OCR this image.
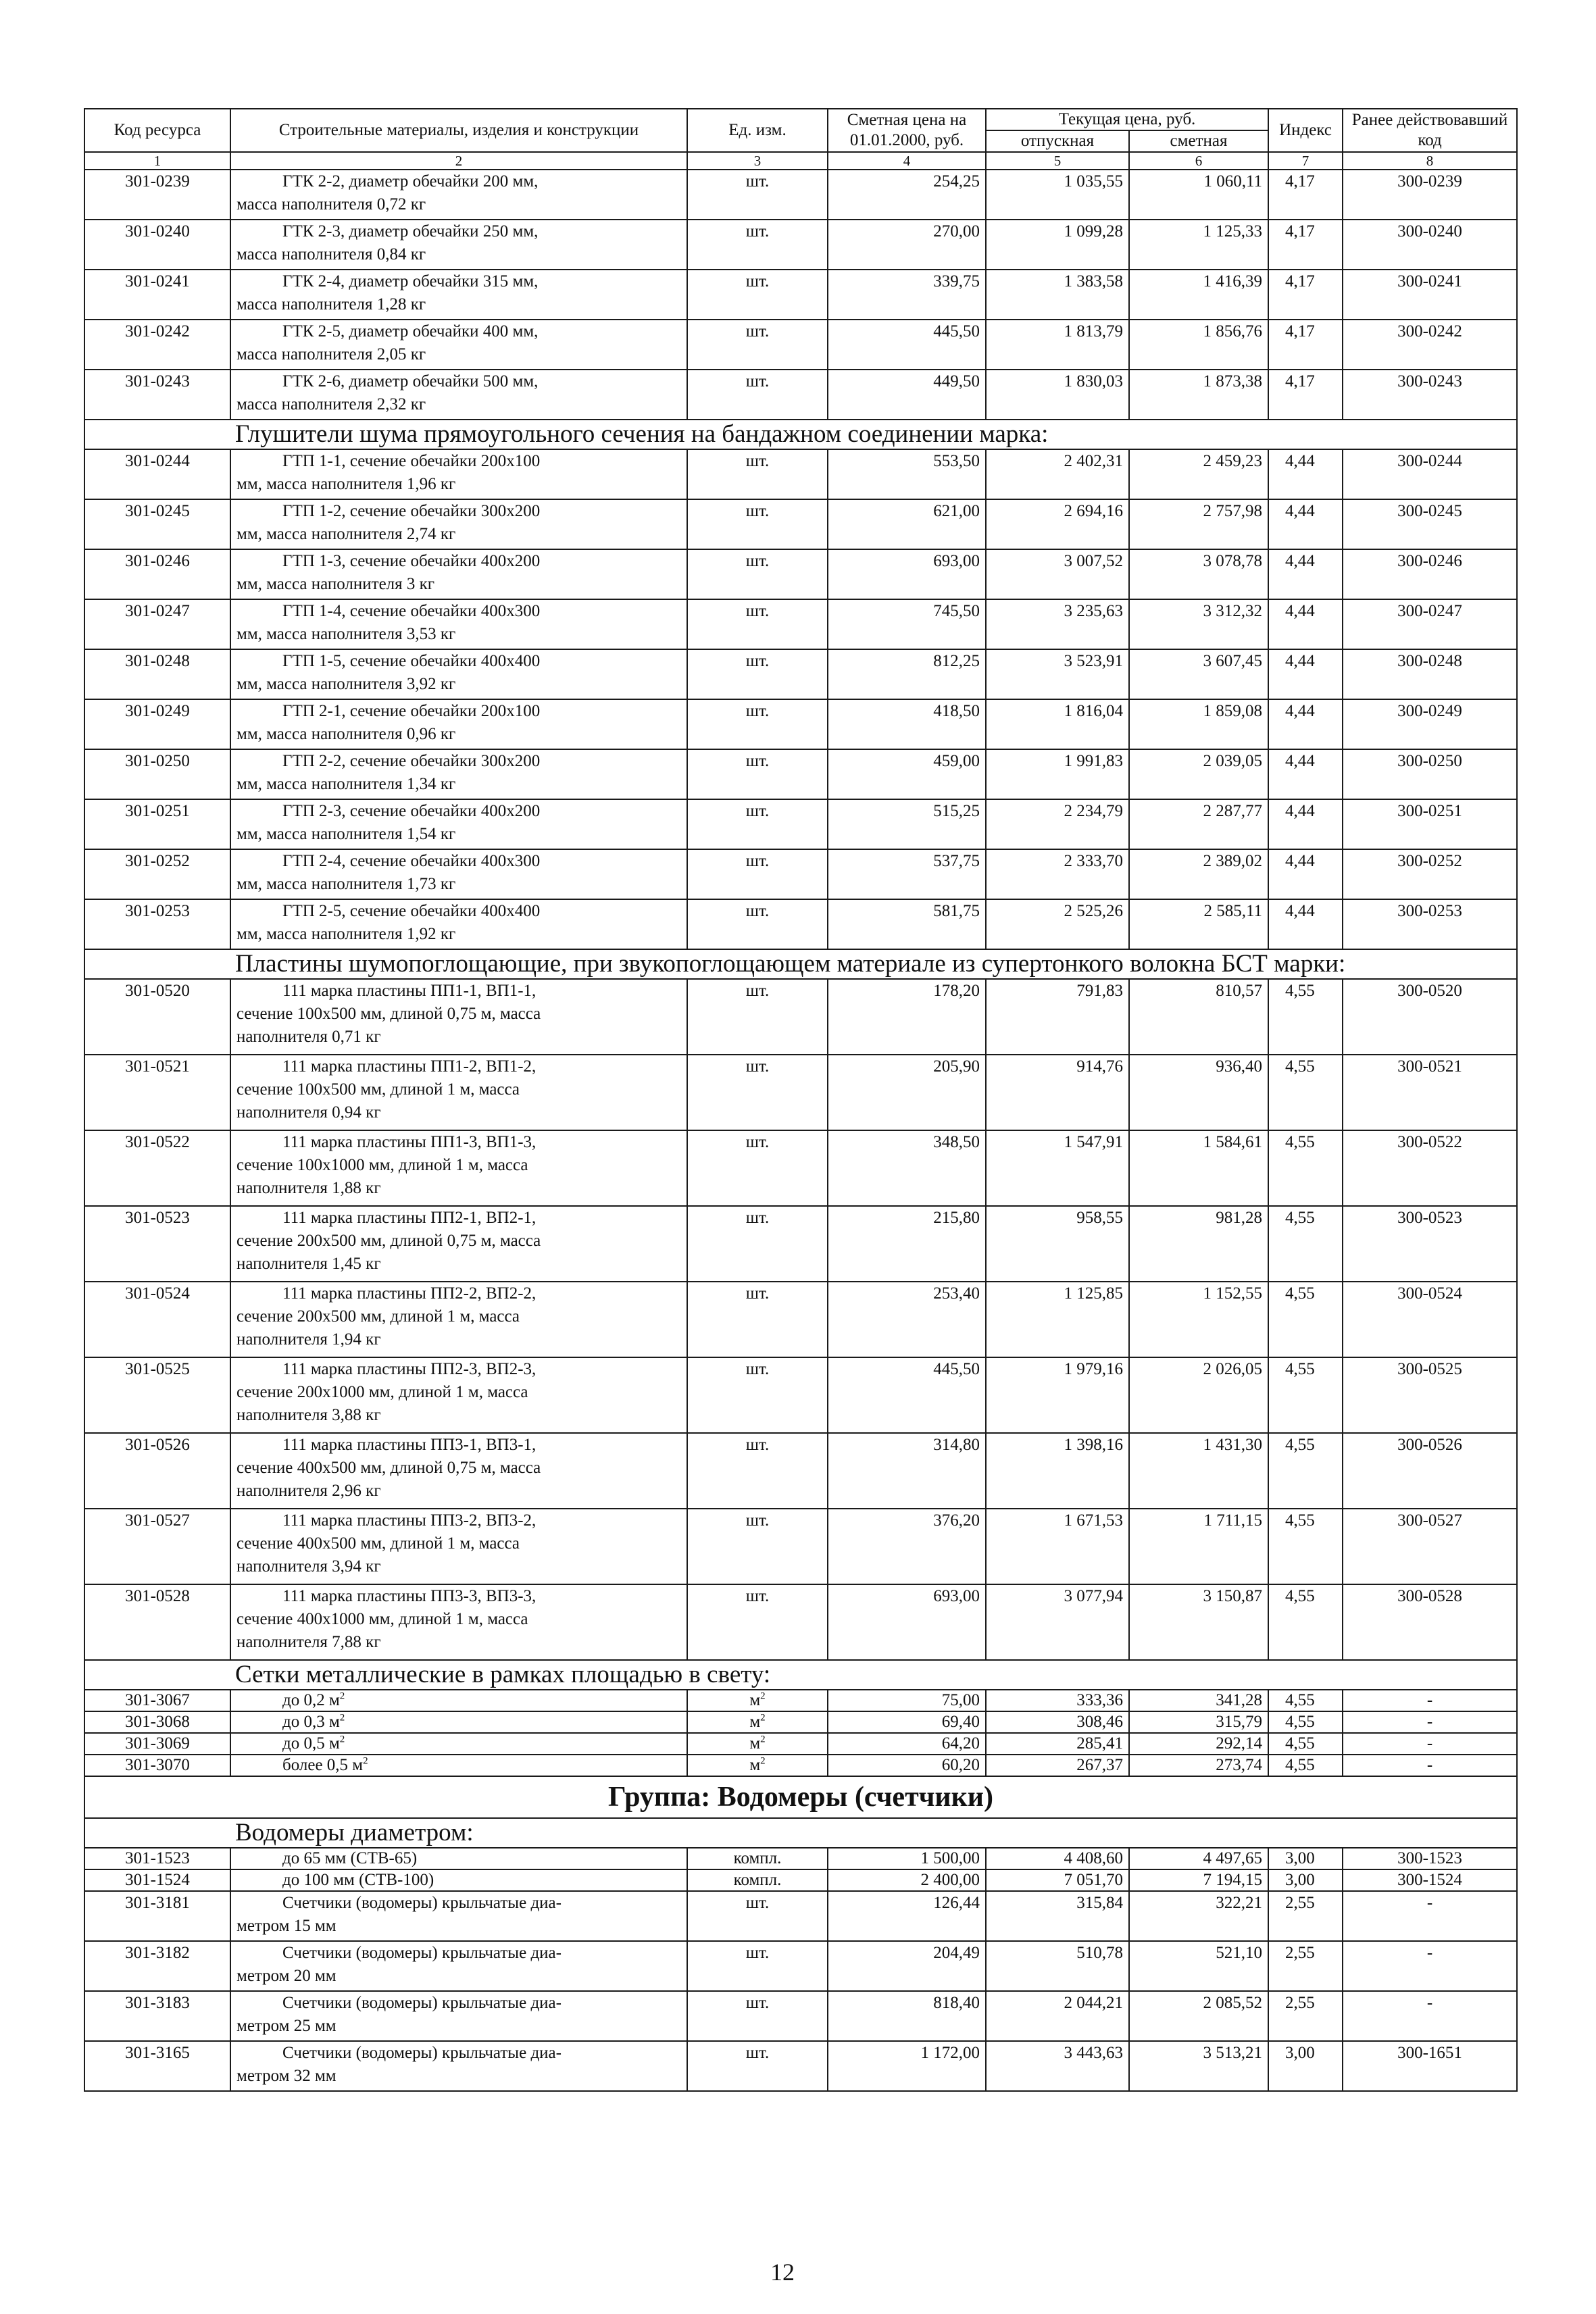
Код ресурса	Строительные материалы, изделия и конструкции	Ед. изм.	Сметная цена на 01.01.2000, руб.	Текущая цена, руб.		Индекс	Ранее действовавший код
				отпускная	сметная		
1	2	3	4	5	6	7	8
301-0239	ГТК 2-2, диаметр обечайки 200 мм,
масса наполнителя 0,72 кг	шт.	254,25	1 035,55	1 060,11	4,17	300-0239
301-0240	ГТК 2-3, диаметр обечайки 250 мм,
масса наполнителя 0,84 кг	шт.	270,00	1 099,28	1 125,33	4,17	300-0240
301-0241	ГТК 2-4, диаметр обечайки 315 мм,
масса наполнителя 1,28 кг	шт.	339,75	1 383,58	1 416,39	4,17	300-0241
301-0242	ГТК 2-5, диаметр обечайки 400 мм,
масса наполнителя 2,05 кг	шт.	445,50	1 813,79	1 856,76	4,17	300-0242
301-0243	ГТК 2-6, диаметр обечайки 500 мм,
масса наполнителя 2,32 кг	шт.	449,50	1 830,03	1 873,38	4,17	300-0243
Глушители шума прямоугольного сечения на бандажном соединении марка:							
301-0244	ГТП 1-1, сечение обечайки 200x100
мм, масса наполнителя 1,96 кг	шт.	553,50	2 402,31	2 459,23	4,44	300-0244
301-0245	ГТП 1-2, сечение обечайки 300x200
мм, масса наполнителя 2,74 кг	шт.	621,00	2 694,16	2 757,98	4,44	300-0245
301-0246	ГТП 1-3, сечение обечайки 400x200
мм, масса наполнителя 3 кг	шт.	693,00	3 007,52	3 078,78	4,44	300-0246
301-0247	ГТП 1-4, сечение обечайки 400x300
мм, масса наполнителя 3,53 кг	шт.	745,50	3 235,63	3 312,32	4,44	300-0247
301-0248	ГТП 1-5, сечение обечайки 400x400
мм, масса наполнителя 3,92 кг	шт.	812,25	3 523,91	3 607,45	4,44	300-0248
301-0249	ГТП 2-1, сечение обечайки 200x100
мм, масса наполнителя 0,96 кг	шт.	418,50	1 816,04	1 859,08	4,44	300-0249
301-0250	ГТП 2-2, сечение обечайки 300x200
мм, масса наполнителя 1,34 кг	шт.	459,00	1 991,83	2 039,05	4,44	300-0250
301-0251	ГТП 2-3, сечение обечайки 400x200
мм, масса наполнителя 1,54 кг	шт.	515,25	2 234,79	2 287,77	4,44	300-0251
301-0252	ГТП 2-4, сечение обечайки 400x300
мм, масса наполнителя 1,73 кг	шт.	537,75	2 333,70	2 389,02	4,44	300-0252
301-0253	ГТП 2-5, сечение обечайки 400x400
мм, масса наполнителя 1,92 кг	шт.	581,75	2 525,26	2 585,11	4,44	300-0253
Пластины шумопоглощающие, при звукопоглощающем материале из супертонкого волокна БСТ марки:							
301-0520	111 марка пластины ПП1-1, ВП1-1,
сечение 100x500 мм, длиной 0,75 м, масса
наполнителя 0,71 кг	шт.	178,20	791,83	810,57	4,55	300-0520
301-0521	111 марка пластины ПП1-2, ВП1-2,
сечение 100x500 мм, длиной 1 м, масса
наполнителя 0,94 кг	шт.	205,90	914,76	936,40	4,55	300-0521
301-0522	111 марка пластины ПП1-3, ВП1-3,
сечение 100x1000 мм, длиной 1 м, масса
наполнителя 1,88 кг	шт.	348,50	1 547,91	1 584,61	4,55	300-0522
301-0523	111 марка пластины ПП2-1, ВП2-1,
сечение 200x500 мм, длиной 0,75 м, масса
наполнителя 1,45 кг	шт.	215,80	958,55	981,28	4,55	300-0523
301-0524	111 марка пластины ПП2-2, ВП2-2,
сечение 200x500 мм, длиной 1 м, масса
наполнителя 1,94 кг	шт.	253,40	1 125,85	1 152,55	4,55	300-0524
301-0525	111 марка пластины ПП2-3, ВП2-3,
сечение 200x1000 мм, длиной 1 м, масса
наполнителя 3,88 кг	шт.	445,50	1 979,16	2 026,05	4,55	300-0525
301-0526	111 марка пластины ПП3-1, ВП3-1,
сечение 400x500 мм, длиной 0,75 м, масса
наполнителя 2,96 кг	шт.	314,80	1 398,16	1 431,30	4,55	300-0526
301-0527	111 марка пластины ПП3-2, ВП3-2,
сечение 400x500 мм, длиной 1 м, масса
наполнителя 3,94 кг	шт.	376,20	1 671,53	1 711,15	4,55	300-0527
301-0528	111 марка пластины ПП3-3, ВП3-3,
сечение 400x1000 мм, длиной 1 м, масса
наполнителя 7,88 кг	шт.	693,00	3 077,94	3 150,87	4,55	300-0528
Сетки металлические в рамках площадью в свету:							
301-3067	до 0,2 $м^2$	$м^2$	75,00	333,36	341,28	4,55	-
301-3068	до 0,3 $м^2$	$м^2$	69,40	308,46	315,79	4,55	-
301-3069	до 0,5 $м^2$	$м^2$	64,20	285,41	292,14	4,55	-
301-3070	более 0,5 $м^2$	$м^2$	60,20	267,37	273,74	4,55	-
Группа: Водомеры (счетчики)							
Водомеры диаметром:							
301-1523	до 65 мм (СТВ-65)	компл.	1 500,00	4 408,60	4 497,65	3,00	300-1523
301-1524	до 100 мм (СТВ-100)	компл.	2 400,00	7 051,70	7 194,15	3,00	300-1524
301-3181	Счетчики (водомеры) крыльчатые диа-
метром 15 мм	шт.	126,44	315,84	322,21	2,55	-
301-3182	Счетчики (водомеры) крыльчатые диа-
метром 20 мм	шт.	204,49	510,78	521,10	2,55	-
301-3183	Счетчики (водомеры) крыльчатые диа-
метром 25 мм	шт.	818,40	2 044,21	2 085,52	2,55	-
301-3165	Счетчики (водомеры) крыльчатые диа-
метром 32 мм	шт.	1 172,00	3 443,63	3 513,21	3,00	300-1651
12
